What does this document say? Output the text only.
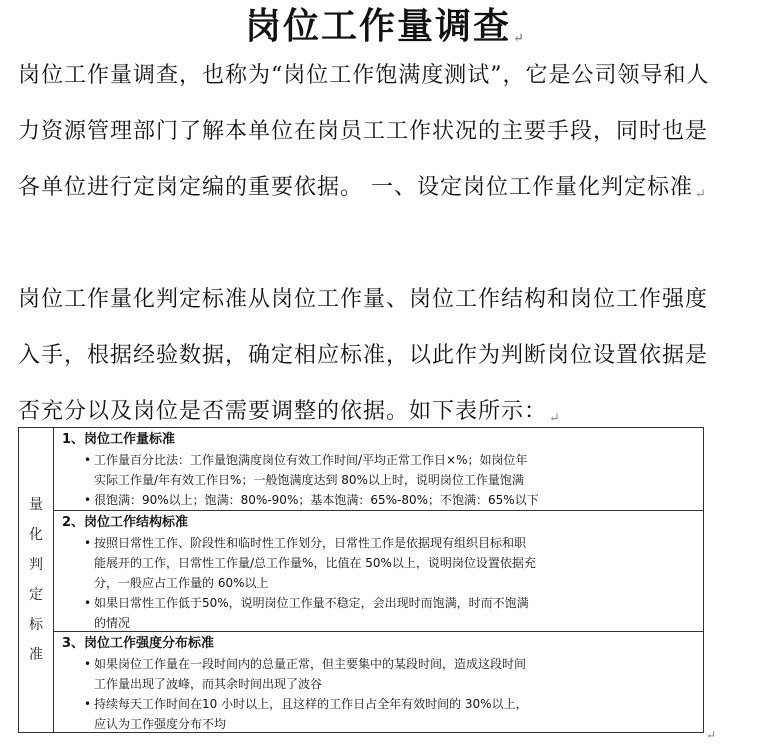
岗位工作量调查 ↵
岗位工作量调查，也称为“岗位工作饱满度测试”，它是公司领导和人力资源管理部门了解本单位在岗员工工作状况的主要手段，同时也是各单位进行定岗定编的重要依据。 一、设定岗位工作量化判定标准 ↵
岗位工作量化判定标准从岗位工作量、岗位工作结构和岗位工作强度入手，根据经验数据，确定相应标准，以此作为判断岗位设置依据是否充分以及岗位是否需要调整的依据。如下表所示： ↵
量
化
判
定
标
准
1、岗位工作量标准
• 工作量百分比法：工作量饱满度岗位有效工作时间/平均正常工作日×%；如岗位年
实际工作量/年有效工作日%；一般饱满度达到 80%以上时，说明岗位工作量饱满
• 很饱满：90%以上；饱满：80%-90%；基本饱满：65%-80%；不饱满：65%以下
2、岗位工作结构标准
• 按照日常性工作、阶段性和临时性工作划分，日常性工作是依据现有组织目标和职
能展开的工作，日常性工作量/总工作量%，比值在 50%以上，说明岗位设置依据充
分，一般应占工作量的 60%以上
• 如果日常性工作低于50%，说明岗位工作量不稳定，会出现时而饱满，时而不饱满
的情况
3、岗位工作强度分布标准
• 如果岗位工作量在一段时间内的总量正常，但主要集中的某段时间，造成这段时间
工作量出现了波峰，而其余时间出现了波谷
• 持续每天工作时间在10 小时以上，且这样的工作日占全年有效时间的 30%以上，
应认为工作强度分布不均
↵
